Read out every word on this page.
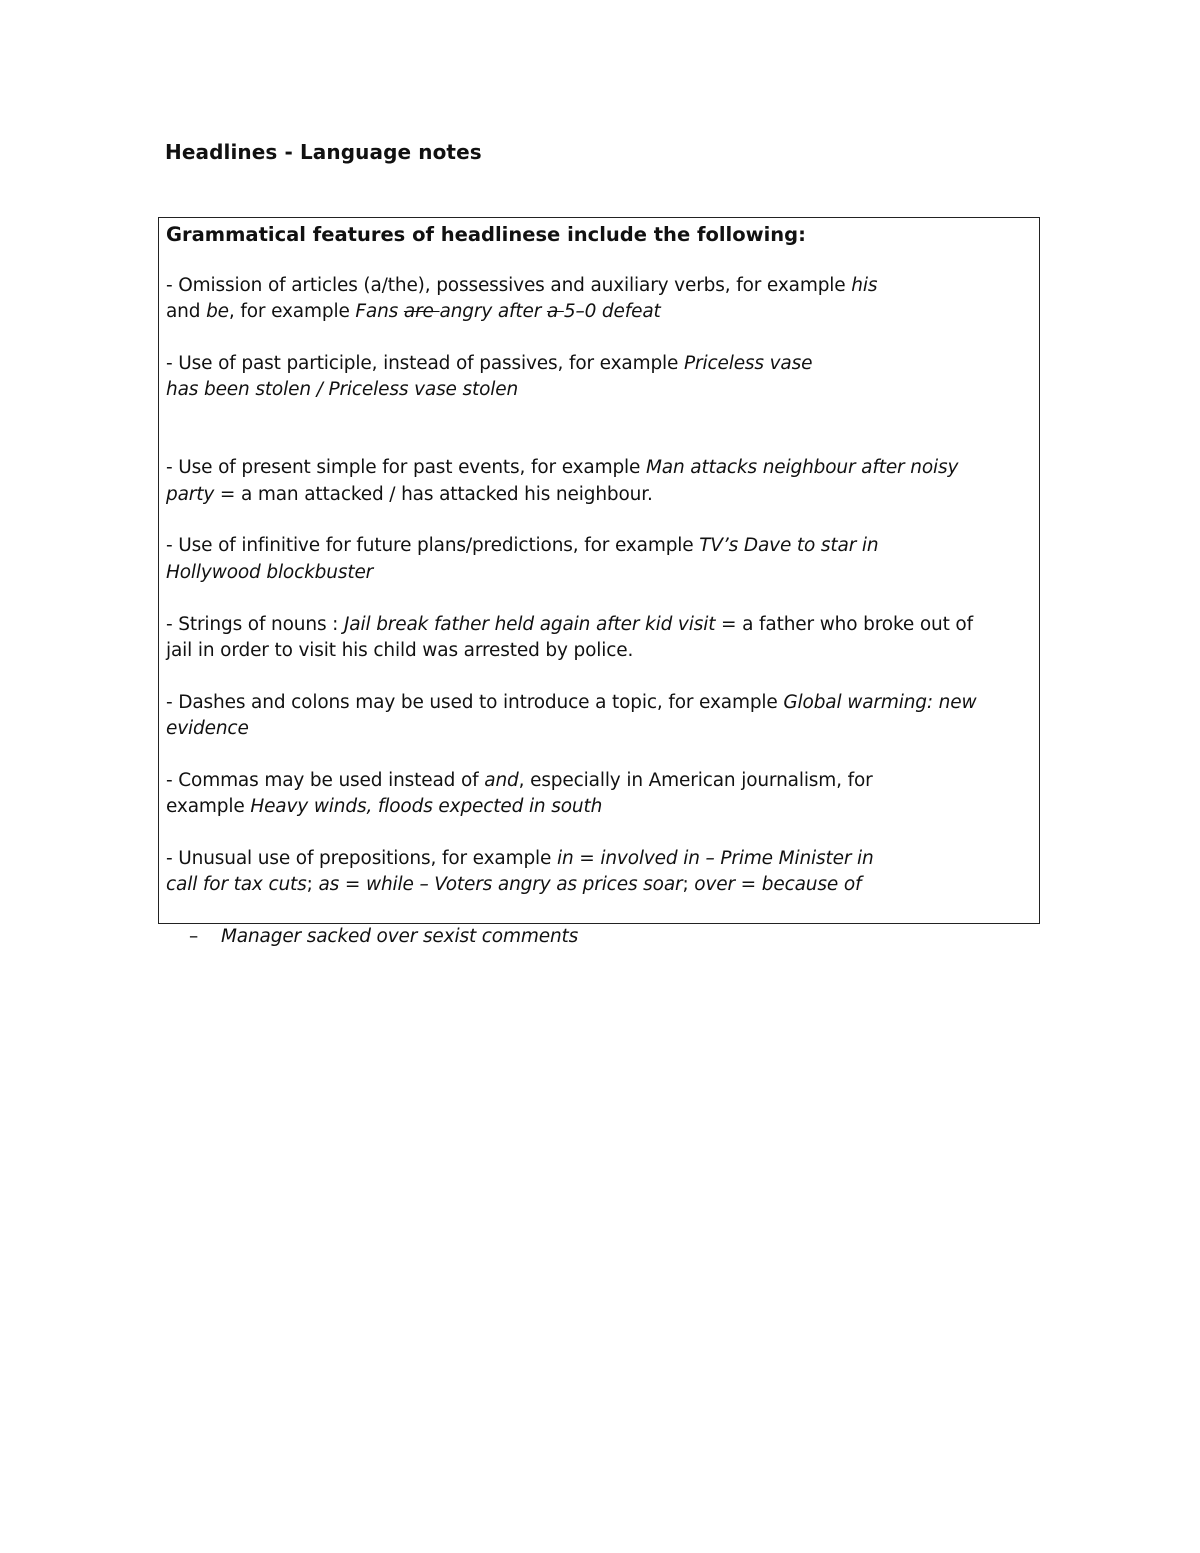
Headlines - Language notes
Grammatical features of headlinese include the following:
- Omission of articles (a/the), possessives and auxiliary verbs, for example his
and be, for example Fans are angry after a 5–0 defeat
- Use of past participle, instead of passives, for example Priceless vase
has been stolen / Priceless vase stolen
- Use of present simple for past events, for example Man attacks neighbour after noisy
party = a man attacked / has attacked his neighbour.
- Use of infinitive for future plans/predictions, for example TV’s Dave to star in
Hollywood blockbuster
- Strings of nouns : Jail break father held again after kid visit = a father who broke out of
jail in order to visit his child was arrested by police.
- Dashes and colons may be used to introduce a topic, for example Global warming: new
evidence
- Commas may be used instead of and, especially in American journalism, for
example Heavy winds, floods expected in south
- Unusual use of prepositions, for example in = involved in – Prime Minister in
call for tax cuts; as = while – Voters angry as prices soar; over = because of

–    Manager sacked over sexist comments
